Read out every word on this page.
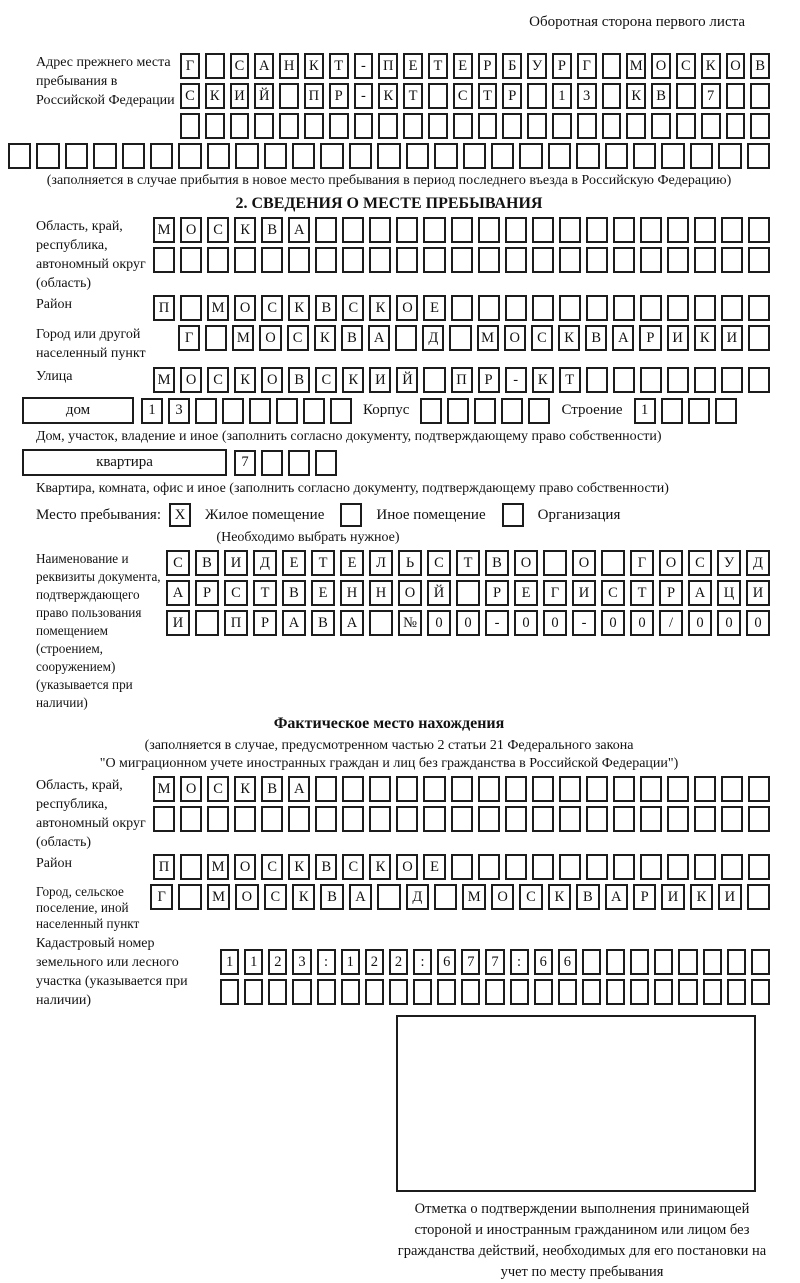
Оборотная сторона первого листа
Адрес прежнего места пребывания в Российской Федерации
Г	С	А Н	К	Т	-	П	Е	Т	Е	Р	Б	У	Р	Г	М О	С	К	О	В
С	К	И Й	П	Р	-	К	Т	С	Т	Р	1	3	К	В	7
(заполняется в случае прибытия в новое место пребывания в период последнего въезда в Российскую Федерацию)
2. СВЕДЕНИЯ О МЕСТЕ ПРЕБЫВАНИЯ
Область, край, республика, автономный округ (область)
М	О	С	К	В	А
Район	П	М	О	С	К	В	С	К	О	Е
Город или другой населенный пункт
Г	М	О	С	К	В	А	Д	М	О	С	К	В	А	Р	И	К	И
Улица	М	О	С	К	О	В	С	К	И	Й	П	Р	-	К	Т
дом	1	3	Корпус	Строение	1
Дом, участок, владение и иное (заполнить согласно документу, подтверждающему право собственности)
квартира	7
Квартира, комната, офис и иное (заполнить согласно документу, подтверждающему право собственности)
Место пребывания: X	Жилое помещение	Иное помещение	Организация
(Необходимо выбрать нужное)
Наименование и реквизиты документа, подтверждающего право пользования помещением (строением, сооружением) (указывается при наличии)
С	В	И	Д	Е	Т	Е	Л	Ь	С	Т	В	О	О	Г	О	С	У	Д
А	Р	С	Т	В	Е	Н	Н	О	Й	Р	Е	Г	И	С	Т	Р	А	Ц	И
И	П	Р	А	В	А	№	0	0	-	0	0	-	0	0	/	0	0	0
Фактическое место нахождения
(заполняется в случае, предусмотренном частью 2 статьи 21 Федерального закона
"О миграционном учете иностранных граждан и лиц без гражданства в Российской Федерации")
Область, край, республика, автономный округ (область)
М	О	С	К	В	А
Район	П	М	О	С	К	В	С	К	О	Е
Город, сельское поселение, иной населенный пункт
Г	М	О	С	К	В	А	Д	М	О	С	К	В	А	Р	И	К	И
Кадастровый номер земельного или лесного участка (указывается при наличии)
1	1	2	3	:	1	2	2	:	6	7	7	:	6	6
Отметка о подтверждении выполнения принимающей стороной и иностранным гражданином или лицом без гражданства действий, необходимых для его постановки на учет по месту пребывания
